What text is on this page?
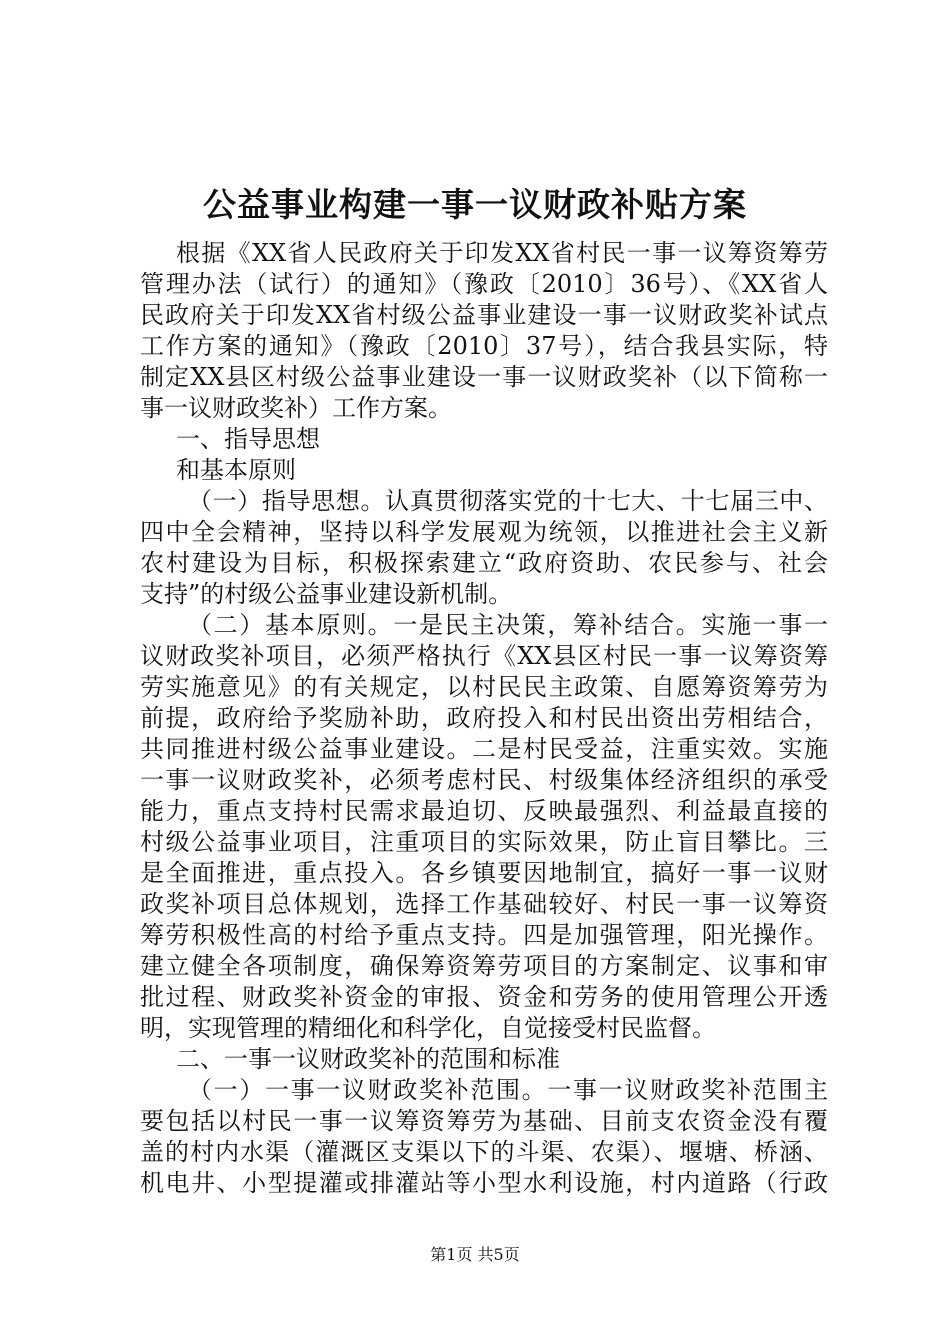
公益事业构建一事一议财政补贴方案
根据《XX省人民政府关于印发XX省村民一事一议筹资筹劳
管理办法（试行）的通知》（豫政〔2010〕36号）、《XX省人
民政府关于印发XX省村级公益事业建设一事一议财政奖补试点
工作方案的通知》（豫政〔2010〕37号），结合我县实际，特
制定XX县区村级公益事业建设一事一议财政奖补（以下简称一
事一议财政奖补）工作方案。
一、指导思想
和基本原则
（一）指导思想。认真贯彻落实党的十七大、十七届三中、
四中全会精神，坚持以科学发展观为统领，以推进社会主义新
农村建设为目标，积极探索建立“政府资助、农民参与、社会
支持”的村级公益事业建设新机制。
（二）基本原则。一是民主决策，筹补结合。实施一事一
议财政奖补项目，必须严格执行《XX县区村民一事一议筹资筹
劳实施意见》的有关规定，以村民民主政策、自愿筹资筹劳为
前提，政府给予奖励补助，政府投入和村民出资出劳相结合，
共同推进村级公益事业建设。二是村民受益，注重实效。实施
一事一议财政奖补，必须考虑村民、村级集体经济组织的承受
能力，重点支持村民需求最迫切、反映最强烈、利益最直接的
村级公益事业项目，注重项目的实际效果，防止盲目攀比。三
是全面推进，重点投入。各乡镇要因地制宜，搞好一事一议财
政奖补项目总体规划，选择工作基础较好、村民一事一议筹资
筹劳积极性高的村给予重点支持。四是加强管理，阳光操作。
建立健全各项制度，确保筹资筹劳项目的方案制定、议事和审
批过程、财政奖补资金的审报、资金和劳务的使用管理公开透
明，实现管理的精细化和科学化，自觉接受村民监督。
二、一事一议财政奖补的范围和标准
（一）一事一议财政奖补范围。一事一议财政奖补范围主
要包括以村民一事一议筹资筹劳为基础、目前支农资金没有覆
盖的村内水渠（灌溉区支渠以下的斗渠、农渠）、堰塘、桥涵、
机电井、小型提灌或排灌站等小型水利设施，村内道路（行政
第1页 共5页
